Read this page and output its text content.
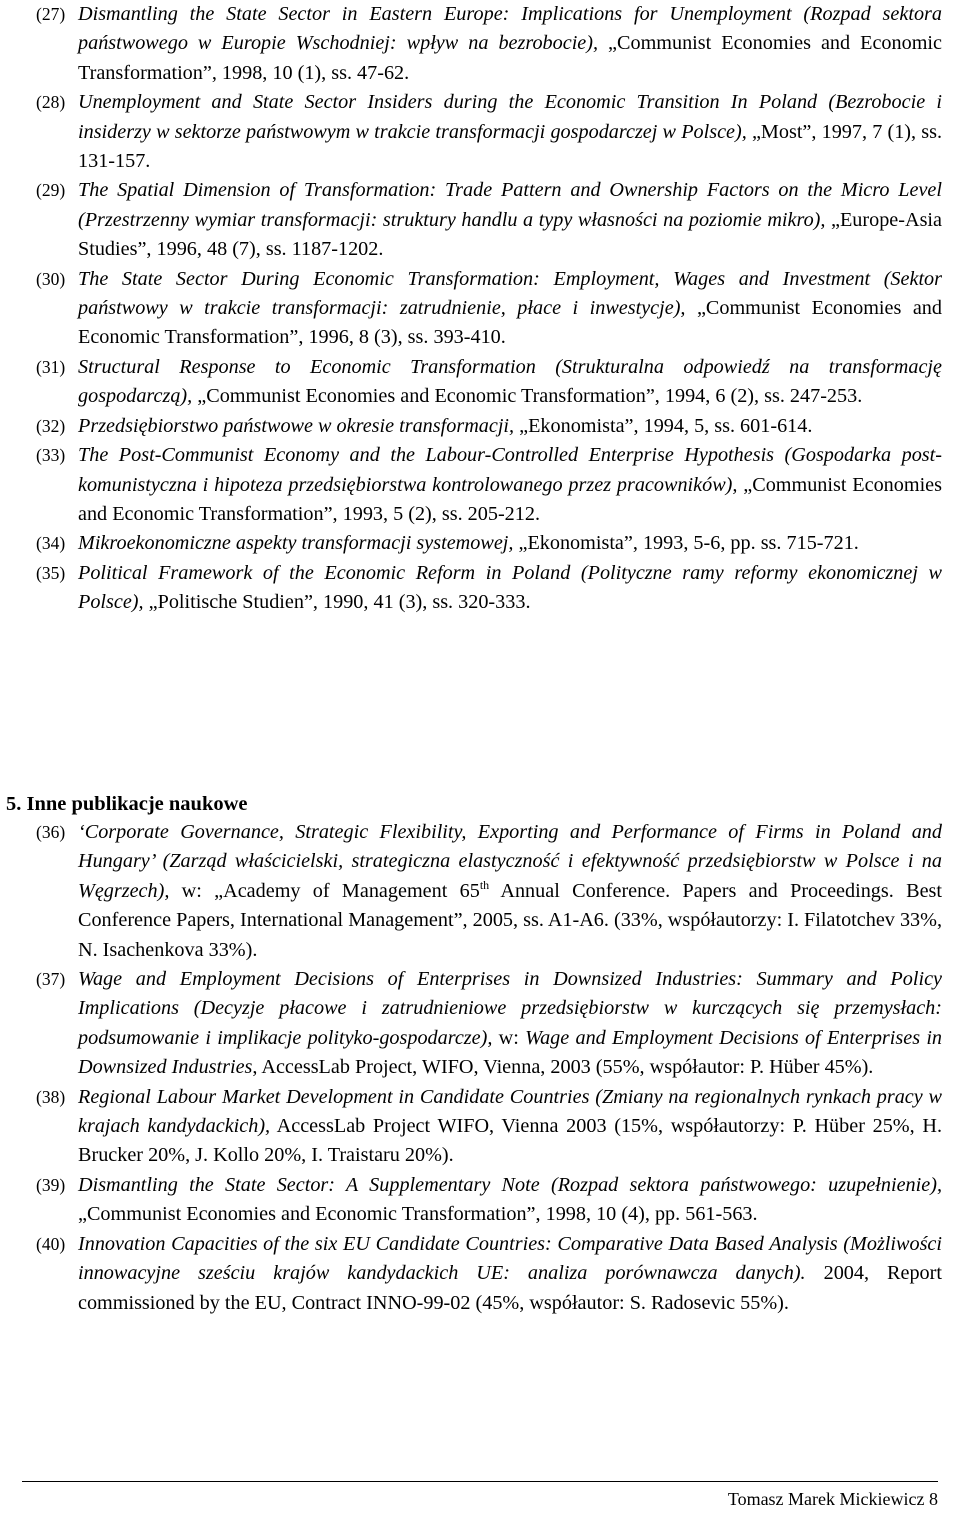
(27) Dismantling the State Sector in Eastern Europe: Implications for Unemployment (Rozpad sektora państwowego w Europie Wschodniej: wpływ na bezrobocie), „Communist Economies and Economic Transformation”, 1998, 10 (1), ss. 47-62.
(28) Unemployment and State Sector Insiders during the Economic Transition In Poland (Bezrobocie i insiderzy w sektorze państwowym w trakcie transformacji gospodarczej w Polsce), „Most”, 1997, 7 (1), ss. 131-157.
(29) The Spatial Dimension of Transformation: Trade Pattern and Ownership Factors on the Micro Level (Przestrzenny wymiar transformacji: struktury handlu a typy własności na poziomie mikro), „Europe-Asia Studies”, 1996, 48 (7), ss. 1187-1202.
(30) The State Sector During Economic Transformation: Employment, Wages and Investment (Sektor państwowy w trakcie transformacji: zatrudnienie, płace i inwestycje), „Communist Economies and Economic Transformation”, 1996, 8 (3), ss. 393-410.
(31) Structural Response to Economic Transformation (Strukturalna odpowiedź na transformację gospodarczą), „Communist Economies and Economic Transformation”, 1994, 6 (2), ss. 247-253.
(32) Przedsiębiorstwo państwowe w okresie transformacji, „Ekonomista”, 1994, 5, ss. 601-614.
(33) The Post-Communist Economy and the Labour-Controlled Enterprise Hypothesis (Gospodarka post-komunistyczna i hipoteza przedsiębiorstwa kontrolowanego przez pracowników), „Communist Economies and Economic Transformation”, 1993, 5 (2), ss. 205-212.
(34) Mikroekonomiczne aspekty transformacji systemowej, „Ekonomista”, 1993, 5-6, pp. ss. 715-721.
(35) Political Framework of the Economic Reform in Poland (Polityczne ramy reformy ekonomicznej w Polsce), „Politische Studien”, 1990, 41 (3), ss. 320-333.
5. Inne publikacje naukowe
(36) ‘Corporate Governance, Strategic Flexibility, Exporting and Performance of Firms in Poland and Hungary’ (Zarząd właścicielski, strategiczna elastyczność i efektywność przedsiębiorstw w Polsce i na Węgrzech), w: „Academy of Management 65th Annual Conference. Papers and Proceedings. Best Conference Papers, International Management”, 2005, ss. A1-A6. (33%, współautorzy: I. Filatotchev 33%, N. Isachenkova 33%).
(37) Wage and Employment Decisions of Enterprises in Downsized Industries: Summary and Policy Implications (Decyzje płacowe i zatrudnieniowe przedsiębiorstw w kurczących się przemysłach: podsumowanie i implikacje polityko-gospodarcze), w: Wage and Employment Decisions of Enterprises in Downsized Industries, AccessLab Project, WIFO, Vienna, 2003 (55%, współautor: P. Hüber 45%).
(38) Regional Labour Market Development in Candidate Countries (Zmiany na regionalnych rynkach pracy w krajach kandydackich), AccessLab Project WIFO, Vienna 2003 (15%, współautorzy: P. Hüber 25%, H. Brucker 20%, J. Kollo 20%, I. Traistaru 20%).
(39) Dismantling the State Sector: A Supplementary Note (Rozpad sektora państwowego: uzupełnienie), „Communist Economies and Economic Transformation”, 1998, 10 (4), pp. 561-563.
(40) Innovation Capacities of the six EU Candidate Countries: Comparative Data Based Analysis (Możliwości innowacyjne sześciu krajów kandydackich UE: analiza porównawcza danych). 2004, Report commissioned by the EU, Contract INNO-99-02 (45%, współautor: S. Radosevic 55%).
Tomasz Marek Mickiewicz 8
